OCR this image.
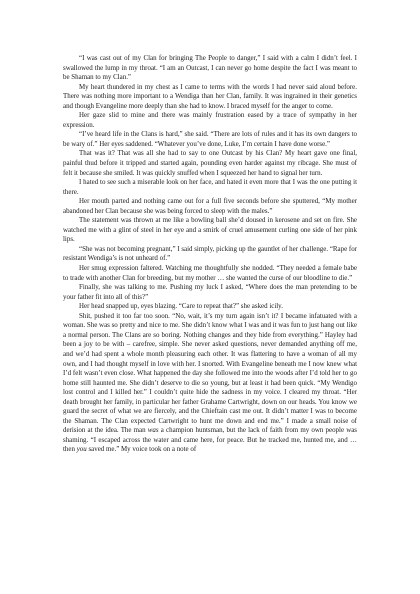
“I was cast out of my Clan for bringing The People to danger,” I said with a calm I didn’t feel. I swallowed the lump in my throat. “I am an Outcast, I can never go home despite the fact I was meant to be Shaman to my Clan.”

My heart thundered in my chest as I came to terms with the words I had never said aloud before. There was nothing more important to a Wendiga than her Clan, family. It was ingrained in their genetics and though Evangeline more deeply than she had to know. I braced myself for the anger to come.

Her gaze slid to mine and there was mainly frustration eased by a trace of sympathy in her expression.

“I’ve heard life in the Clans is hard,” she said. “There are lots of rules and it has its own dangers to be wary of.” Her eyes saddened. “Whatever you’ve done, Luke, I’m certain I have done worse.”

That was it? That was all she had to say to one Outcast by his Clan? My heart gave one final, painful thud before it tripped and started again, pounding even harder against my ribcage. She must of felt it because she smiled. It was quickly snuffed when I squeezed her hand to signal her turn.

I hated to see such a miserable look on her face, and hated it even more that I was the one putting it there.

Her mouth parted and nothing came out for a full five seconds before she sputtered, “My mother abandoned her Clan because she was being forced to sleep with the males.”

The statement was thrown at me like a bowling ball she’d doused in kerosene and set on fire. She watched me with a glint of steel in her eye and a smirk of cruel amusement curling one side of her pink lips.

“She was not becoming pregnant,” I said simply, picking up the gauntlet of her challenge. “Rape for resistant Wendiga’s is not unheard of.”

Her smug expression faltered. Watching me thoughtfully she nodded. “They needed a female babe to trade with another Clan for breeding, but my mother … she wanted the curse of our bloodline to die.”

Finally, she was talking to me. Pushing my luck I asked, “Where does the man pretending to be your father fit into all of this?”

Her head snapped up, eyes blazing. “Care to repeat that?” she asked icily.

Shit, pushed it too far too soon. “No, wait, it’s my turn again isn’t it? I became infatuated with a woman. She was so pretty and nice to me. She didn’t know what I was and it was fun to just hang out like a normal person. The Clans are so boring. Nothing changes and they hide from everything.” Hayley had been a joy to be with – carefree, simple. She never asked questions, never demanded anything off me, and we’d had spent a whole month pleasuring each other. It was flattering to have a woman of all my own, and I had thought myself in love with her. I snorted. With Evangeline beneath me I now knew what I’d felt wasn’t even close. What happened the day she followed me into the woods after I’d told her to go home still haunted me. She didn’t deserve to die so young, but at least it had been quick. “My Wendigo lost control and I killed her.” I couldn’t quite hide the sadness in my voice. I cleared my throat. “Her death brought her family, in particular her father Grahame Cartwright, down on our heads. You know we guard the secret of what we are fiercely, and the Chieftain cast me out. It didn’t matter I was to become the Shaman. The Clan expected Cartwright to hunt me down and end me.” I made a small noise of derision at the idea. The man was a champion huntsman, but the lack of faith from my own people was shaming. “I escaped across the water and came here, for peace. But he tracked me, hunted me, and … then you saved me.” My voice took on a note of
